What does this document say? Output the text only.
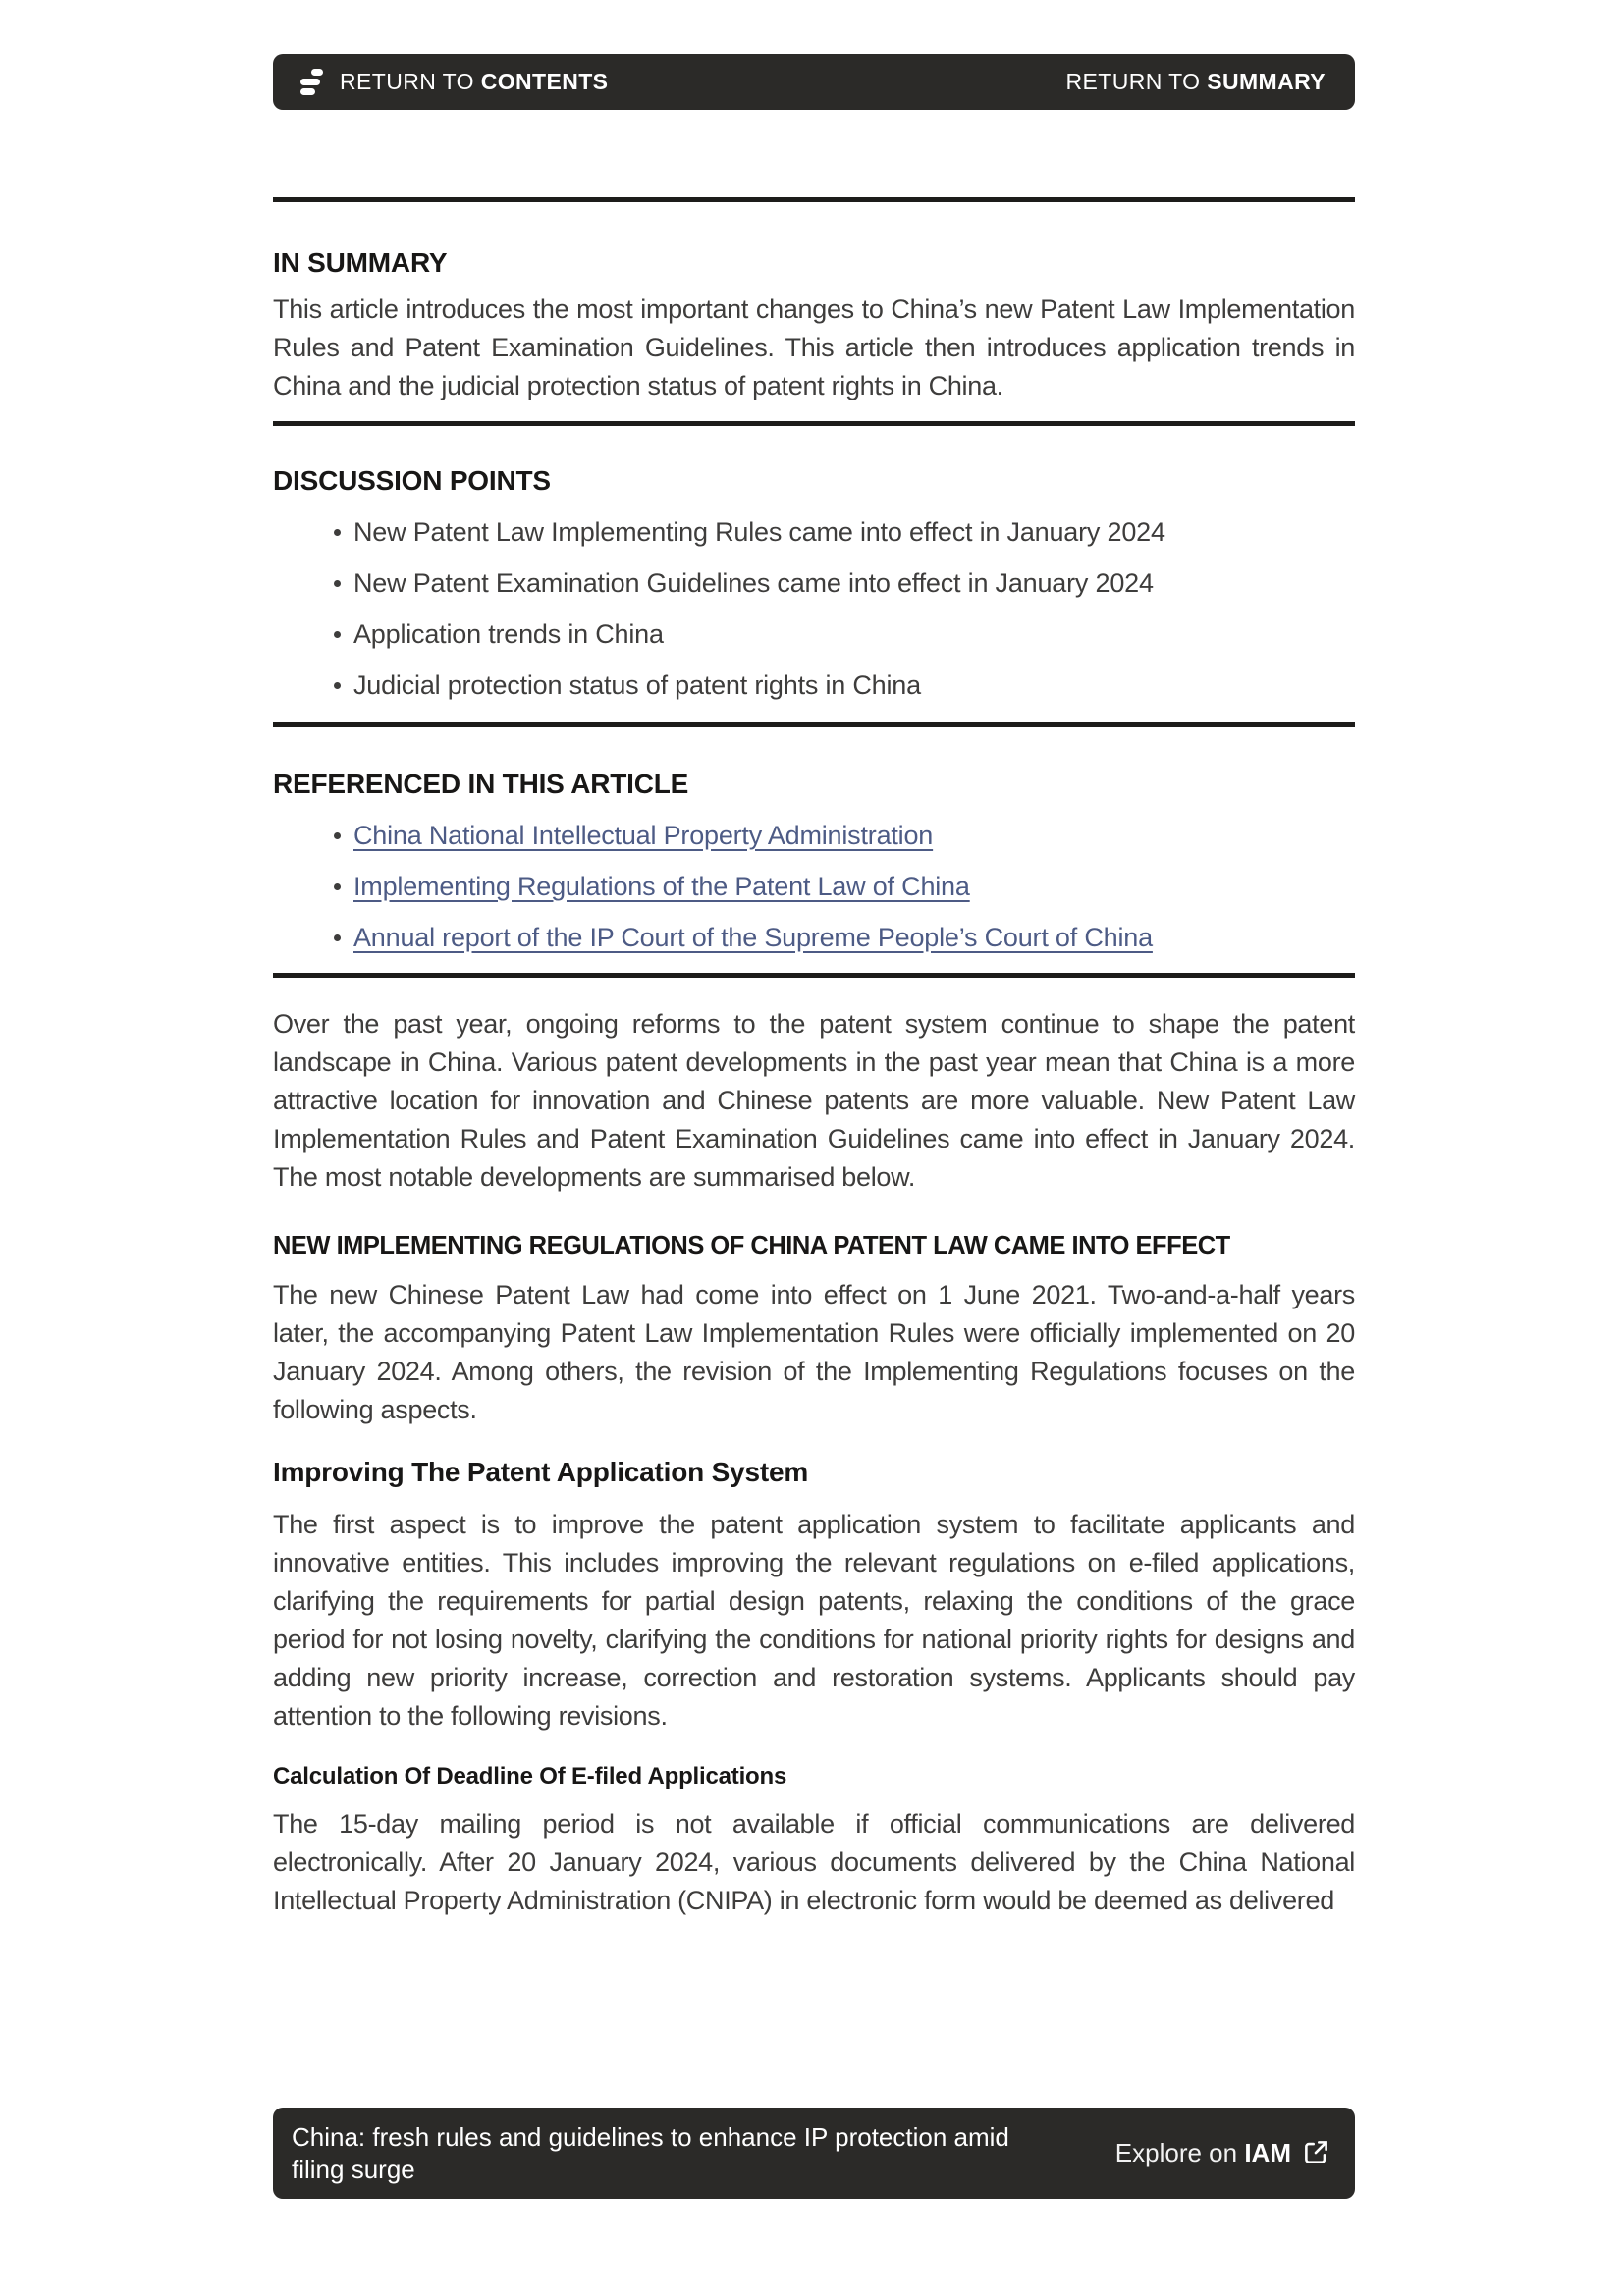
RETURN TO CONTENTS	RETURN TO SUMMARY
IN SUMMARY

This article introduces the most important changes to China’s new Patent Law Implementation Rules and Patent Examination Guidelines. This article then introduces application trends in China and the judicial protection status of patent rights in China.

DISCUSSION POINTS
New Patent Law Implementing Rules came into effect in January 2024
New Patent Examination Guidelines came into effect in January 2024
Application trends in China
Judicial protection status of patent rights in China
REFERENCED IN THIS ARTICLE
China National Intellectual Property Administration
Implementing Regulations of the Patent Law of China
Annual report of the IP Court of the Supreme People’s Court of China

Over the past year, ongoing reforms to the patent system continue to shape the patent landscape in China. Various patent developments in the past year mean that China is a more attractive location for innovation and Chinese patents are more valuable. New Patent Law Implementation Rules and Patent Examination Guidelines came into effect in January 2024. The most notable developments are summarised below.

NEW IMPLEMENTING REGULATIONS OF CHINA PATENT LAW CAME INTO EFFECT

The new Chinese Patent Law had come into effect on 1 June 2021. Two-and-a-half years later, the accompanying Patent Law Implementation Rules were officially implemented on 20 January 2024. Among others, the revision of the Implementing Regulations focuses on the following aspects.

Improving The Patent Application System

The first aspect is to improve the patent application system to facilitate applicants and innovative entities. This includes improving the relevant regulations on e-filed applications, clarifying the requirements for partial design patents, relaxing the conditions of the grace period for not losing novelty, clarifying the conditions for national priority rights for designs and adding new priority increase, correction and restoration systems. Applicants should pay attention to the following revisions.

Calculation Of Deadline Of E-filed Applications

The 15-day mailing period is not available if official communications are delivered electronically. After 20 January 2024, various documents delivered by the China National Intellectual Property Administration (CNIPA) in electronic form would be deemed as delivered

China: fresh rules and guidelines to enhance IP protection amid filing surge
Explore on IAM
